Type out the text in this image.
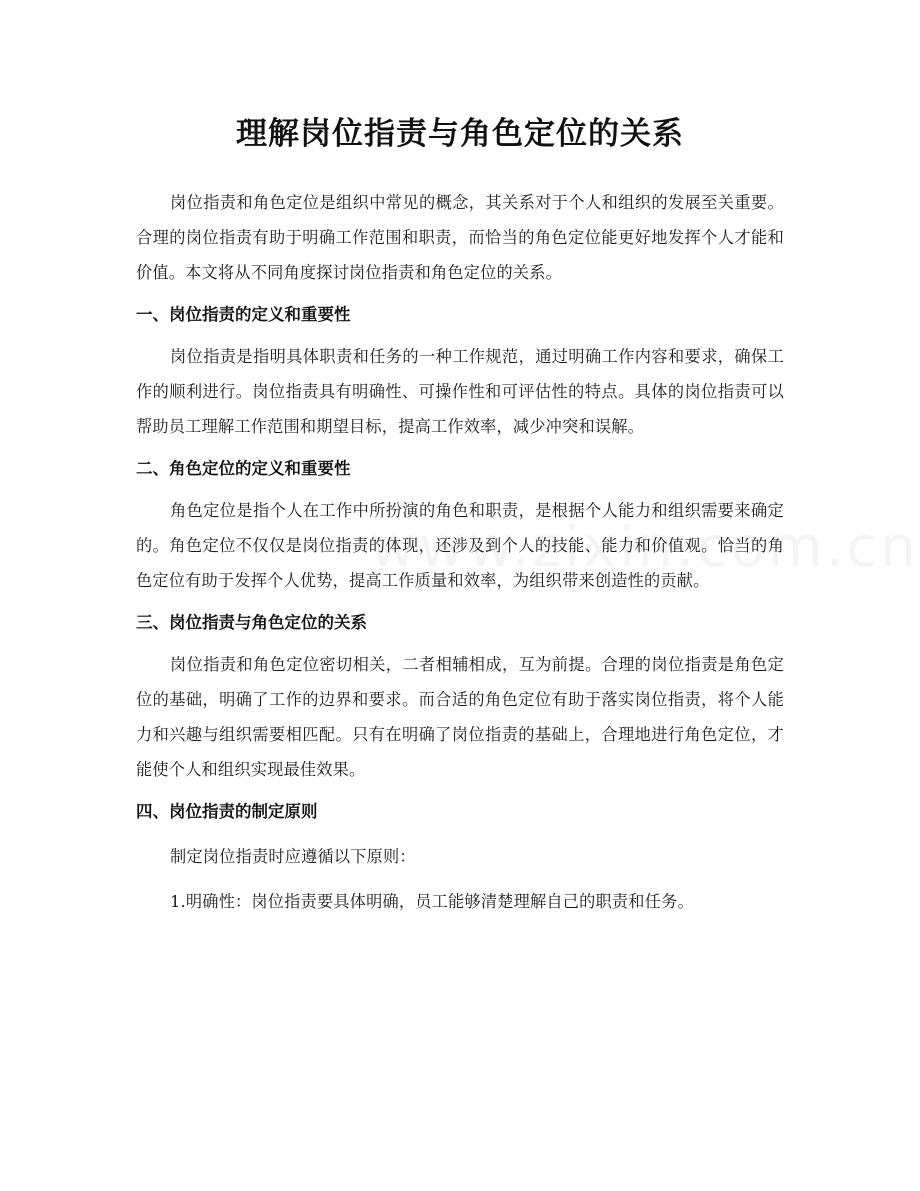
理解岗位指责与角色定位的关系

岗位指责和角色定位是组织中常见的概念，其关系对于个人和组织的发展至关重要。合理的岗位指责有助于明确工作范围和职责，而恰当的角色定位能更好地发挥个人才能和价值。本文将从不同角度探讨岗位指责和角色定位的关系。

一、岗位指责的定义和重要性

岗位指责是指明具体职责和任务的一种工作规范，通过明确工作内容和要求，确保工作的顺利进行。岗位指责具有明确性、可操作性和可评估性的特点。具体的岗位指责可以帮助员工理解工作范围和期望目标，提高工作效率，减少冲突和误解。

二、角色定位的定义和重要性

角色定位是指个人在工作中所扮演的角色和职责，是根据个人能力和组织需要来确定的。角色定位不仅仅是岗位指责的体现，还涉及到个人的技能、能力和价值观。恰当的角色定位有助于发挥个人优势，提高工作质量和效率，为组织带来创造性的贡献。

三、岗位指责与角色定位的关系

岗位指责和角色定位密切相关，二者相辅相成，互为前提。合理的岗位指责是角色定位的基础，明确了工作的边界和要求。而合适的角色定位有助于落实岗位指责，将个人能力和兴趣与组织需要相匹配。只有在明确了岗位指责的基础上，合理地进行角色定位，才能使个人和组织实现最佳效果。

四、岗位指责的制定原则

制定岗位指责时应遵循以下原则：

1.明确性：岗位指责要具体明确，员工能够清楚理解自己的职责和任务。
